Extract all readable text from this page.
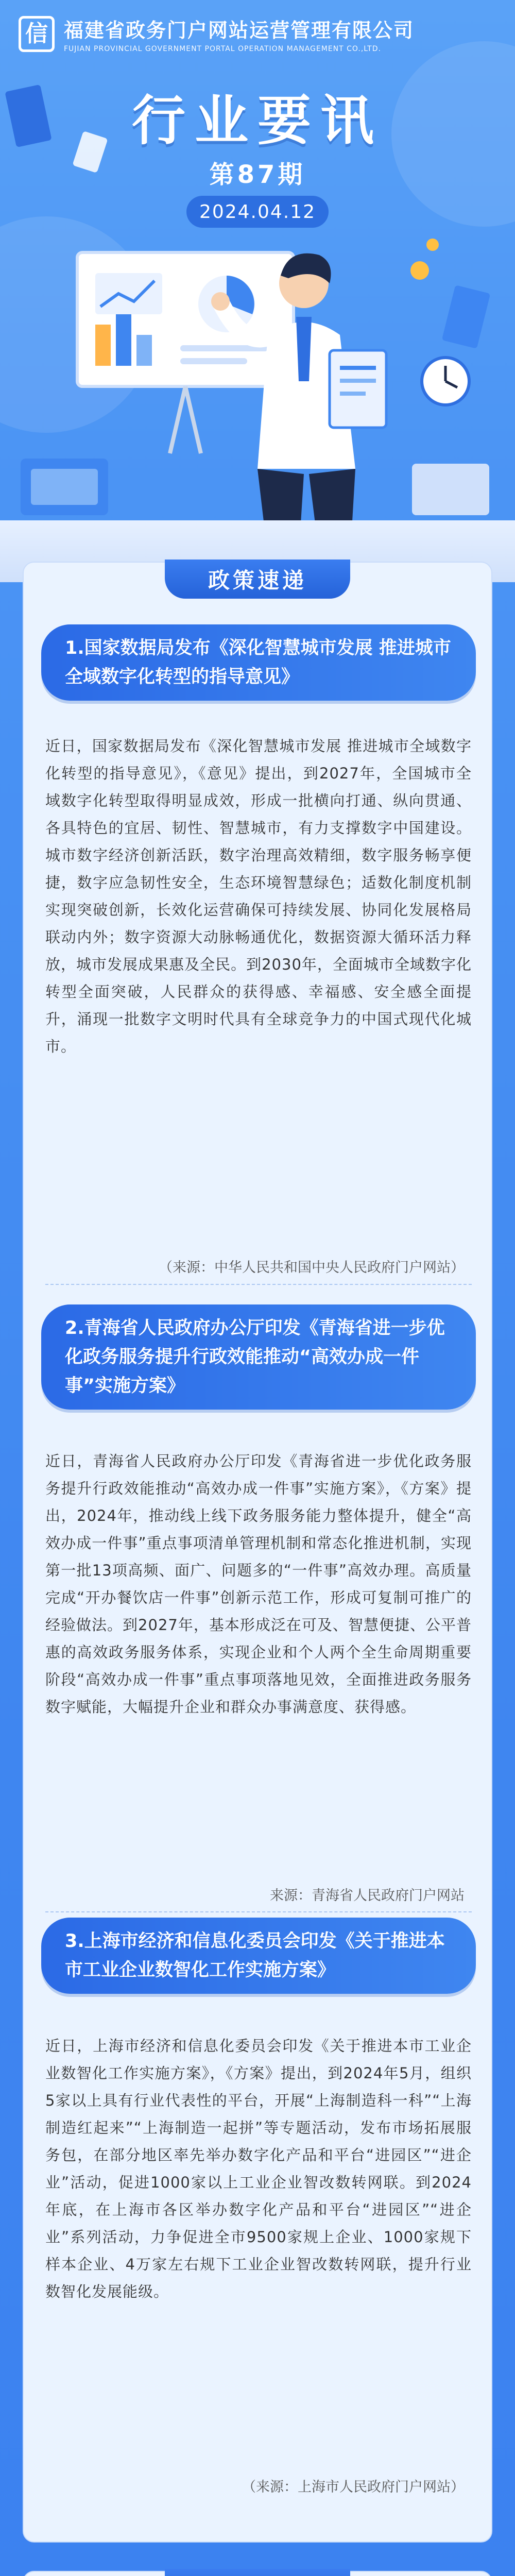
信 福建省政务门户网站运营管理有限公司
FUJIAN PROVINCIAL GOVERNMENT PORTAL OPERATION MANAGEMENT CO.,LTD.
行业要讯
第87期
2024.04.12
政策速递
1.国家数据局发布《深化智慧城市发展 推进城市全域数字化转型的指导意见》
近日，国家数据局发布《深化智慧城市发展 推进城市全域数字化转型的指导意见》，《意见》提出，到2027年，全国城市全域数字化转型取得明显成效，形成一批横向打通、纵向贯通、各具特色的宜居、韧性、智慧城市，有力支撑数字中国建设。城市数字经济创新活跃，数字治理高效精细，数字服务畅享便捷，数字应急韧性安全，生态环境智慧绿色；适数化制度机制实现突破创新，长效化运营确保可持续发展、协同化发展格局联动内外；数字资源大动脉畅通优化，数据资源大循环活力释放，城市发展成果惠及全民。到2030年，全面城市全域数字化转型全面突破，人民群众的获得感、幸福感、安全感全面提升，涌现一批数字文明时代具有全球竞争力的中国式现代化城市。
（来源：中华人民共和国中央人民政府门户网站）
2.青海省人民政府办公厅印发《青海省进一步优化政务服务提升行政效能推动“高效办成一件事”实施方案》
近日，青海省人民政府办公厅印发《青海省进一步优化政务服务提升行政效能推动“高效办成一件事”实施方案》，《方案》提出，2024年，推动线上线下政务服务能力整体提升，健全“高效办成一件事”重点事项清单管理机制和常态化推进机制，实现第一批13项高频、面广、问题多的“一件事”高效办理。高质量完成“开办餐饮店一件事”创新示范工作，形成可复制可推广的经验做法。到2027年，基本形成泛在可及、智慧便捷、公平普惠的高效政务服务体系，实现企业和个人两个全生命周期重要阶段“高效办成一件事”重点事项落地见效，全面推进政务服务数字赋能，大幅提升企业和群众办事满意度、获得感。
来源：青海省人民政府门户网站
3.上海市经济和信息化委员会印发《关于推进本市工业企业数智化工作实施方案》
近日，上海市经济和信息化委员会印发《关于推进本市工业企业数智化工作实施方案》，《方案》提出，到2024年5月，组织5家以上具有行业代表性的平台，开展“上海制造科一科”“上海制造红起来”“上海制造一起拼”等专题活动，发布市场拓展服务包，在部分地区率先举办数字化产品和平台“进园区”“进企业”活动，促进1000家以上工业企业智改数转网联。到2024年底，在上海市各区举办数字化产品和平台“进园区”“进企业”系列活动，力争促进全市9500家规上企业、1000家规下样本企业、4万家左右规下工业企业智改数转网联，提升行业数智化发展能级。
（来源：上海市人民政府门户网站）
